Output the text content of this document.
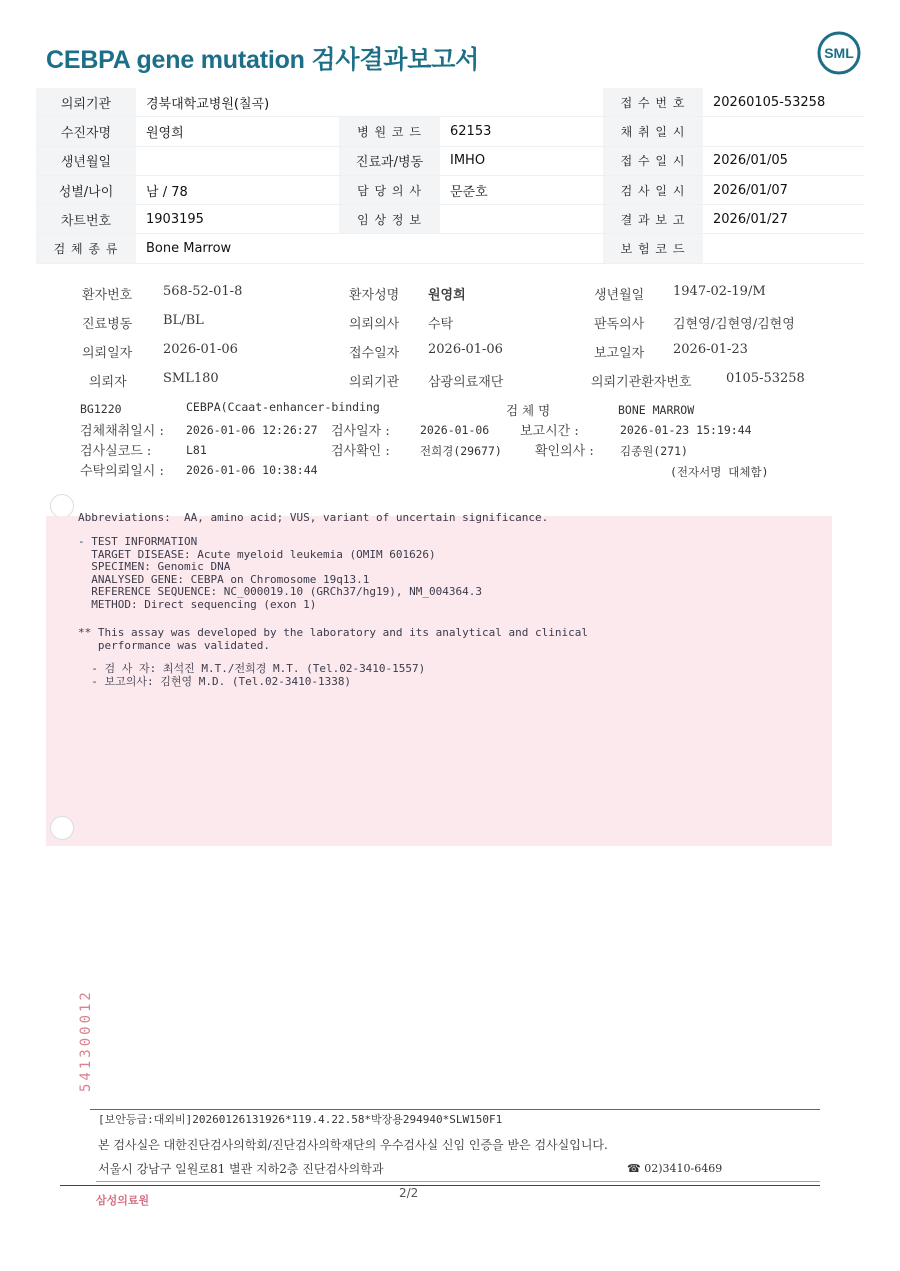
CEBPA gene mutation 검사결과보고서	SML
의뢰기관	경북대학교병원(칠곡)			접 수 번 호	20260105-53258
수진자명	원영희	병 원 코 드	62153	채 취 일 시	
생년월일		진료과/병동	IMHO	접 수 일 시	2026/01/05
성별/나이	남 / 78	담 당 의 사	문준호	검 사 일 시	2026/01/07
차트번호	1903195	임 상 정 보		결 과 보 고	2026/01/27
검 체 종 류	Bone Marrow			보 험 코 드	
환자번호 568-52-01-8	환자성명 원영희	생년월일 1947-02-19/M
진료병동 BL/BL	의뢰의사 수탁	판독의사 김현영/김현영/김현영
의뢰일자 2026-01-06	접수일자 2026-01-06	보고일자 2026-01-23
의뢰자	SML180	의뢰기관 삼광의료재단	의뢰기관환자번호	0105-53258
BG1220	CEBPA(Ccaat-enhancer-binding	검 체 명	BONE MARROW
검체채취일시 : 2026-01-06 12:26:27 검사일자 :	2026-01-06 보고시간 :	2026-01-23 15:19:44
검사실코드 :	L81	검사확인 :	전희경(29677)	확인의사 : 김종원(271)
수탁의뢰일시 : 2026-01-06 10:38:44	(전자서명 대체함)
Abbreviations:  AA, amino acid; VUS, variant of uncertain significance.
- TEST INFORMATION
TARGET DISEASE: Acute myeloid leukemia (OMIM 601626)
SPECIMEN: Genomic DNA
ANALYSED GENE: CEBPA on Chromosome 19q13.1
REFERENCE SEQUENCE: NC_000019.10 (GRCh37/hg19), NM_004364.3
METHOD: Direct sequencing (exon 1)
** This assay was developed by the laboratory and its analytical and clinical
performance was validated.
- 검 사 자: 최석진 M.T./전희경 M.T. (Tel.02-3410-1557)
- 보고의사: 김현영 M.D. (Tel.02-3410-1338)
541300012
[보안등급:대외비]20260126131926*119.4.22.58*박장용294940*SLW150F1
본 검사실은 대한진단검사의학회/진단검사의학재단의 우수검사실 신임 인증을 받은 검사실입니다.
서울시 강남구 일원로81 별관 지하2층 진단검사의학과	☎ 02)3410-6469
삼성의료원
2/2
